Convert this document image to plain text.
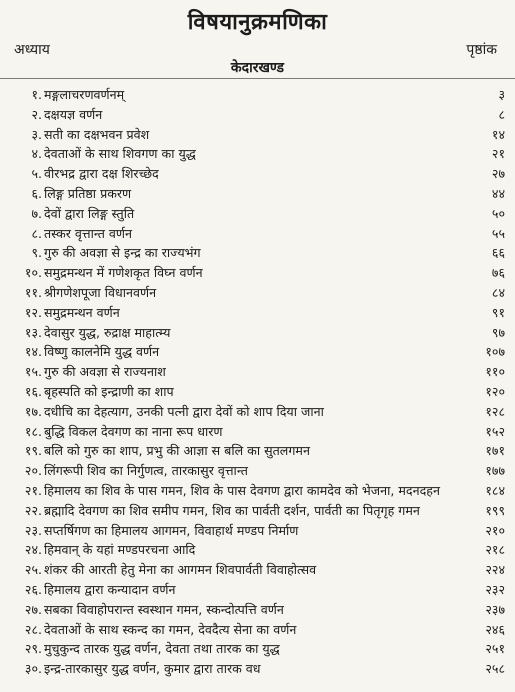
विषयानुक्रमणिका
अध्याय	पृष्ठांक
केदारखण्ड
१. मङ्गलाचरणवर्णनम्	३
२. दक्षयज्ञ वर्णन	८
३. सती का दक्षभवन प्रवेश	१४
४. देवताओं के साथ शिवगण का युद्ध	२१
५. वीरभद्र द्वारा दक्ष शिरच्छेद	२७
६. लिङ्ग प्रतिष्ठा प्रकरण	४४
७. देवों द्वारा लिङ्ग स्तुति	५०
८. तस्कर वृत्तान्त वर्णन	५५
९. गुरु की अवज्ञा से इन्द्र का राज्यभंग	६६
१०. समुद्रमन्थन में गणेशकृत विघ्न वर्णन	७६
११. श्रीगणेशपूजा विधानवर्णन	८४
१२. समुद्रमन्थन वर्णन	९१
१३. देवासुर युद्ध, रुद्राक्ष माहात्म्य	९७
१४. विष्णु कालनेमि युद्ध वर्णन	१०७
१५. गुरु की अवज्ञा से राज्यनाश	११०
१६. बृहस्पति को इन्द्राणी का शाप	१२०
१७. दधीचि का देहत्याग, उनकी पत्नी द्वारा देवों को शाप दिया जाना	१२८
१८. बुद्धि विकल देवगण का नाना रूप धारण	१५२
१९. बलि को गुरु का शाप, प्रभु की आज्ञा स बलि का सुतलगमन	१७१
२०. लिंगरूपी शिव का निर्गुणत्व, तारकासुर वृत्तान्त	१७७
२१. हिमालय का शिव के पास गमन, शिव के पास देवगण द्वारा कामदेव को भेजना, मदनदहन	१८४
२२. ब्रह्मादि देवगण का शिव समीप गमन, शिव का पार्वती दर्शन, पार्वती का पितृगृह गमन	१९९
२३. सप्तर्षिगण का हिमालय आगमन, विवाहार्थ मण्डप निर्माण	२१०
२४. हिमवान् के यहां मण्डपरचना आदि	२१८
२५. शंकर की आरती हेतु मेना का आगमन शिवपार्वती विवाहोत्सव	२२४
२६. हिमालय द्वारा कन्यादान वर्णन	२३२
२७. सबका विवाहोपरान्त स्वस्थान गमन, स्कन्दोत्पत्ति वर्णन	२३७
२८. देवताओं के साथ स्कन्द का गमन, देवदैत्य सेना का वर्णन	२४६
२९. मुचुकुन्द तारक युद्ध वर्णन, देवता तथा तारक का युद्ध	२५१
३०. इन्द्र-तारकासुर युद्ध वर्णन, कुमार द्वारा तारक वध	२५८
